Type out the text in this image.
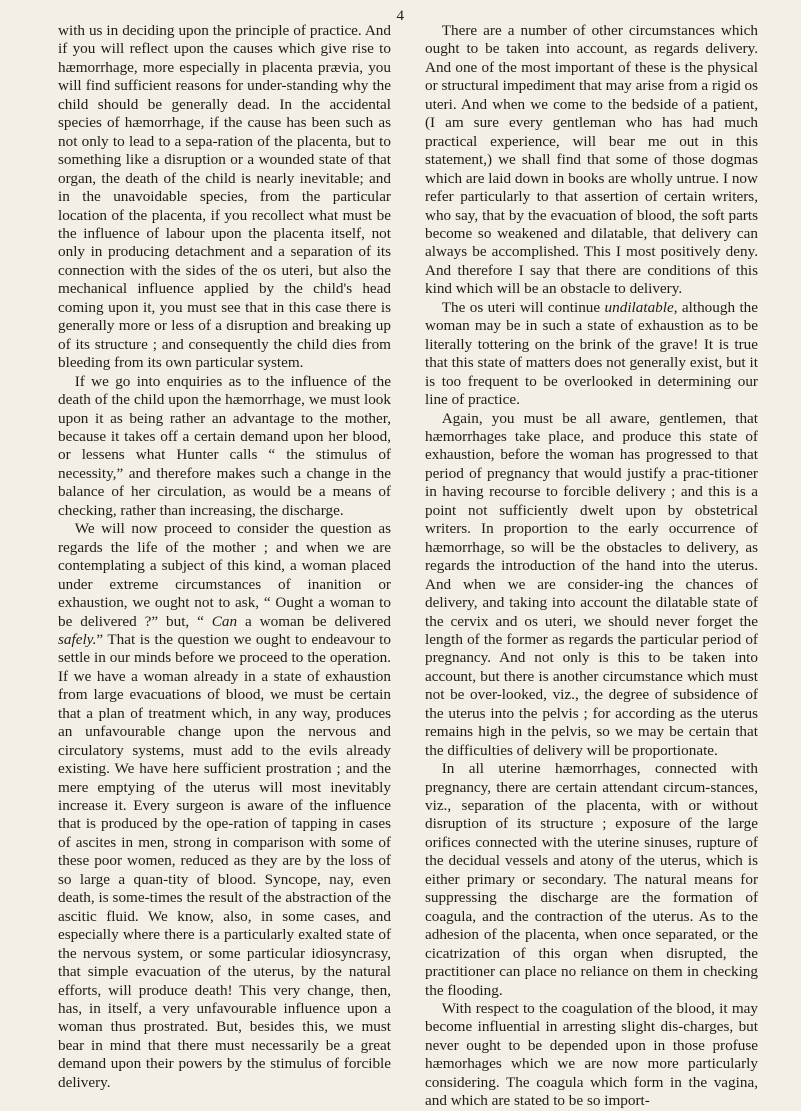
4

with us in deciding upon the principle of practice. And if you will reflect upon the causes which give rise to hæmorrhage, more especially in placenta prævia, you will find sufficient reasons for under-standing why the child should be generally dead. In the accidental species of hæmorrhage, if the cause has been such as not only to lead to a sepa-ration of the placenta, but to something like a disruption or a wounded state of that organ, the death of the child is nearly inevitable; and in the unavoidable species, from the particular location of the placenta, if you recollect what must be the influence of labour upon the placenta itself, not only in producing detachment and a separation of its connection with the sides of the os uteri, but also the mechanical influence applied by the child's head coming upon it, you must see that in this case there is generally more or less of a disruption and breaking up of its structure ; and consequently the child dies from bleeding from its own particular system.

If we go into enquiries as to the influence of the death of the child upon the hæmorrhage, we must look upon it as being rather an advantage to the mother, because it takes off a certain demand upon her blood, or lessens what Hunter calls “ the stimulus of necessity,” and therefore makes such a change in the balance of her circulation, as would be a means of checking, rather than increasing, the discharge.

We will now proceed to consider the question as regards the life of the mother ; and when we are contemplating a subject of this kind, a woman placed under extreme circumstances of inanition or exhaustion, we ought not to ask, “ Ought a woman to be delivered ?” but, “ Can a woman be delivered safely.” That is the question we ought to endeavour to settle in our minds before we proceed to the operation. If we have a woman already in a state of exhaustion from large evacuations of blood, we must be certain that a plan of treatment which, in any way, produces an unfavourable change upon the nervous and circulatory systems, must add to the evils already existing. We have here sufficient prostration ; and the mere emptying of the uterus will most inevitably increase it. Every surgeon is aware of the influence that is produced by the ope-ration of tapping in cases of ascites in men, strong in comparison with some of these poor women, reduced as they are by the loss of so large a quan-tity of blood. Syncope, nay, even death, is some-times the result of the abstraction of the ascitic fluid. We know, also, in some cases, and especially where there is a particularly exalted state of the nervous system, or some particular idiosyncrasy, that simple evacuation of the uterus, by the natural efforts, will produce death! This very change, then, has, in itself, a very unfavourable influence upon a woman thus prostrated. But, besides this, we must bear in mind that there must necessarily be a great demand upon their powers by the stimulus of forcible delivery.

There are a number of other circumstances which ought to be taken into account, as regards delivery. And one of the most important of these is the physical or structural impediment that may arise from a rigid os uteri. And when we come to the bedside of a patient, (I am sure every gentleman who has had much practical experience, will bear me out in this statement,) we shall find that some of those dogmas which are laid down in books are wholly untrue. I now refer particularly to that assertion of certain writers, who say, that by the evacuation of blood, the soft parts become so weakened and dilatable, that delivery can always be accomplished. This I most positively deny. And therefore I say that there are conditions of this kind which will be an obstacle to delivery.

The os uteri will continue undilatable, although the woman may be in such a state of exhaustion as to be literally tottering on the brink of the grave! It is true that this state of matters does not generally exist, but it is too frequent to be overlooked in determining our line of practice.

Again, you must be all aware, gentlemen, that hæmorrhages take place, and produce this state of exhaustion, before the woman has progressed to that period of pregnancy that would justify a prac-titioner in having recourse to forcible delivery ; and this is a point not sufficiently dwelt upon by obstetrical writers. In proportion to the early occurrence of hæmorrhage, so will be the obstacles to delivery, as regards the introduction of the hand into the uterus. And when we are consider-ing the chances of delivery, and taking into account the dilatable state of the cervix and os uteri, we should never forget the length of the former as regards the particular period of pregnancy. And not only is this to be taken into account, but there is another circumstance which must not be over-looked, viz., the degree of subsidence of the uterus into the pelvis ; for according as the uterus remains high in the pelvis, so we may be certain that the difficulties of delivery will be proportionate.

In all uterine hæmorrhages, connected with pregnancy, there are certain attendant circum-stances, viz., separation of the placenta, with or without disruption of its structure ; exposure of the large orifices connected with the uterine sinuses, rupture of the decidual vessels and atony of the uterus, which is either primary or secondary. The natural means for suppressing the discharge are the formation of coagula, and the contraction of the uterus. As to the adhesion of the placenta, when once separated, or the cicatrization of this organ when disrupted, the practitioner can place no reliance on them in checking the flooding.

With respect to the coagulation of the blood, it may become influential in arresting slight dis-charges, but never ought to be depended upon in those profuse hæmorhages which we are now more particularly considering. The coagula which form in the vagina, and which are stated to be so import-
